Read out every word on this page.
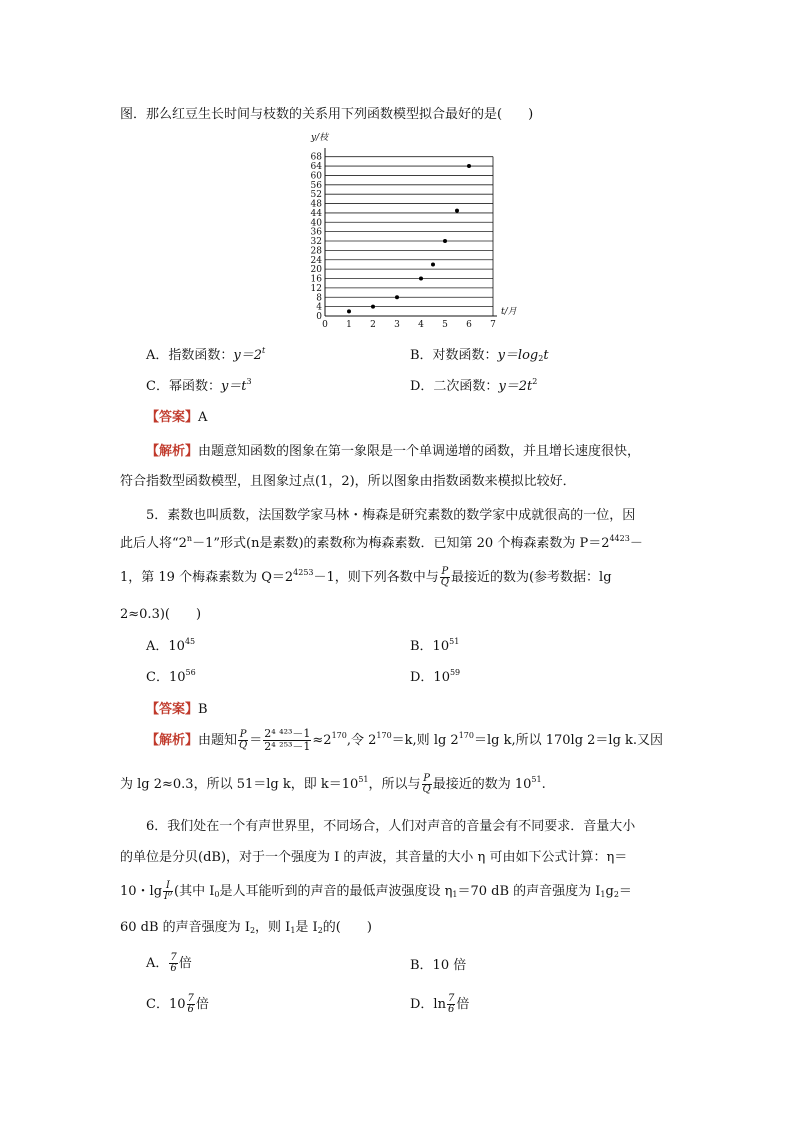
图．那么红豆生长时间与枝数的关系用下列函数模型拟合最好的是(　　)
0
4
8
12
16
20
24
28
32
36
40
44
48
52
56
60
64
68
0 1 2 3 4 5 6 7
y/枝
t/月
A．指数函数：$y=2^t$	B．对数函数：$y=\log_2t$
C．幂函数：$y=t^3$	D．二次函数：$y=2t^2$
【答案】A
【解析】由题意知函数的图象在第一象限是一个单调递增的函数，并且增长速度很快，
符合指数型函数模型，且图象过点(1，2)，所以图象由指数函数来模拟比较好．
5．素数也叫质数，法国数学家马林・梅森是研究素数的数学家中成就很高的一位，因
此后人将“$2^n-1$”形式(n是素数)的素数称为梅森素数．已知第 20 个梅森素数为 $P=2^{4423}-$
1，第 19 个梅森素数为 $Q=2^{4253}-1$，则下列各数中与 $\frac{P}{Q}$ 最接近的数为(参考数据：lg
2≈0.3)(　　)
A．$10^{45}$	B．$10^{51}$
C．$10^{56}$	D．$10^{59}$
【答案】B
【解析】由题知 $\frac{P}{Q} = \frac{\text{2⁴ ⁴²³－1}}{\text{2⁴ ²⁵³－1}} \approx 2^{170}$,令 $2^{170}=k$,则 $\lg 2^{170}=\lg$ k,所以 170lg 2＝lg k.又因
为 lg 2≈0.3，所以 51＝lg k，即 $k=10^{51}$，所以与 $\frac{P}{Q}$ 最接近的数为 $10^{51}$.
6．我们处在一个有声世界里，不同场合，人们对声音的音量会有不同要求．音量大小
的单位是分贝(dB)，对于一个强度为 I 的声波，其音量的大小 η 可由如下公式计算：η＝
10・$\lg \frac{I}{\text{I⁰}}$ (其中 $I_0$是人耳能听到的声音的最低声波强度设 $\eta_1=70$ dB 的声音强度为 $I_1g_2=$
60 dB 的声音强度为 $I_2$，则 $I_1$是 $I_2$的(　　)
A． $\frac{7}{6}$ 倍	B．10 倍
C．$10 \frac{7}{6}$ 倍	D．$\ln \frac{7}{6}$ 倍
